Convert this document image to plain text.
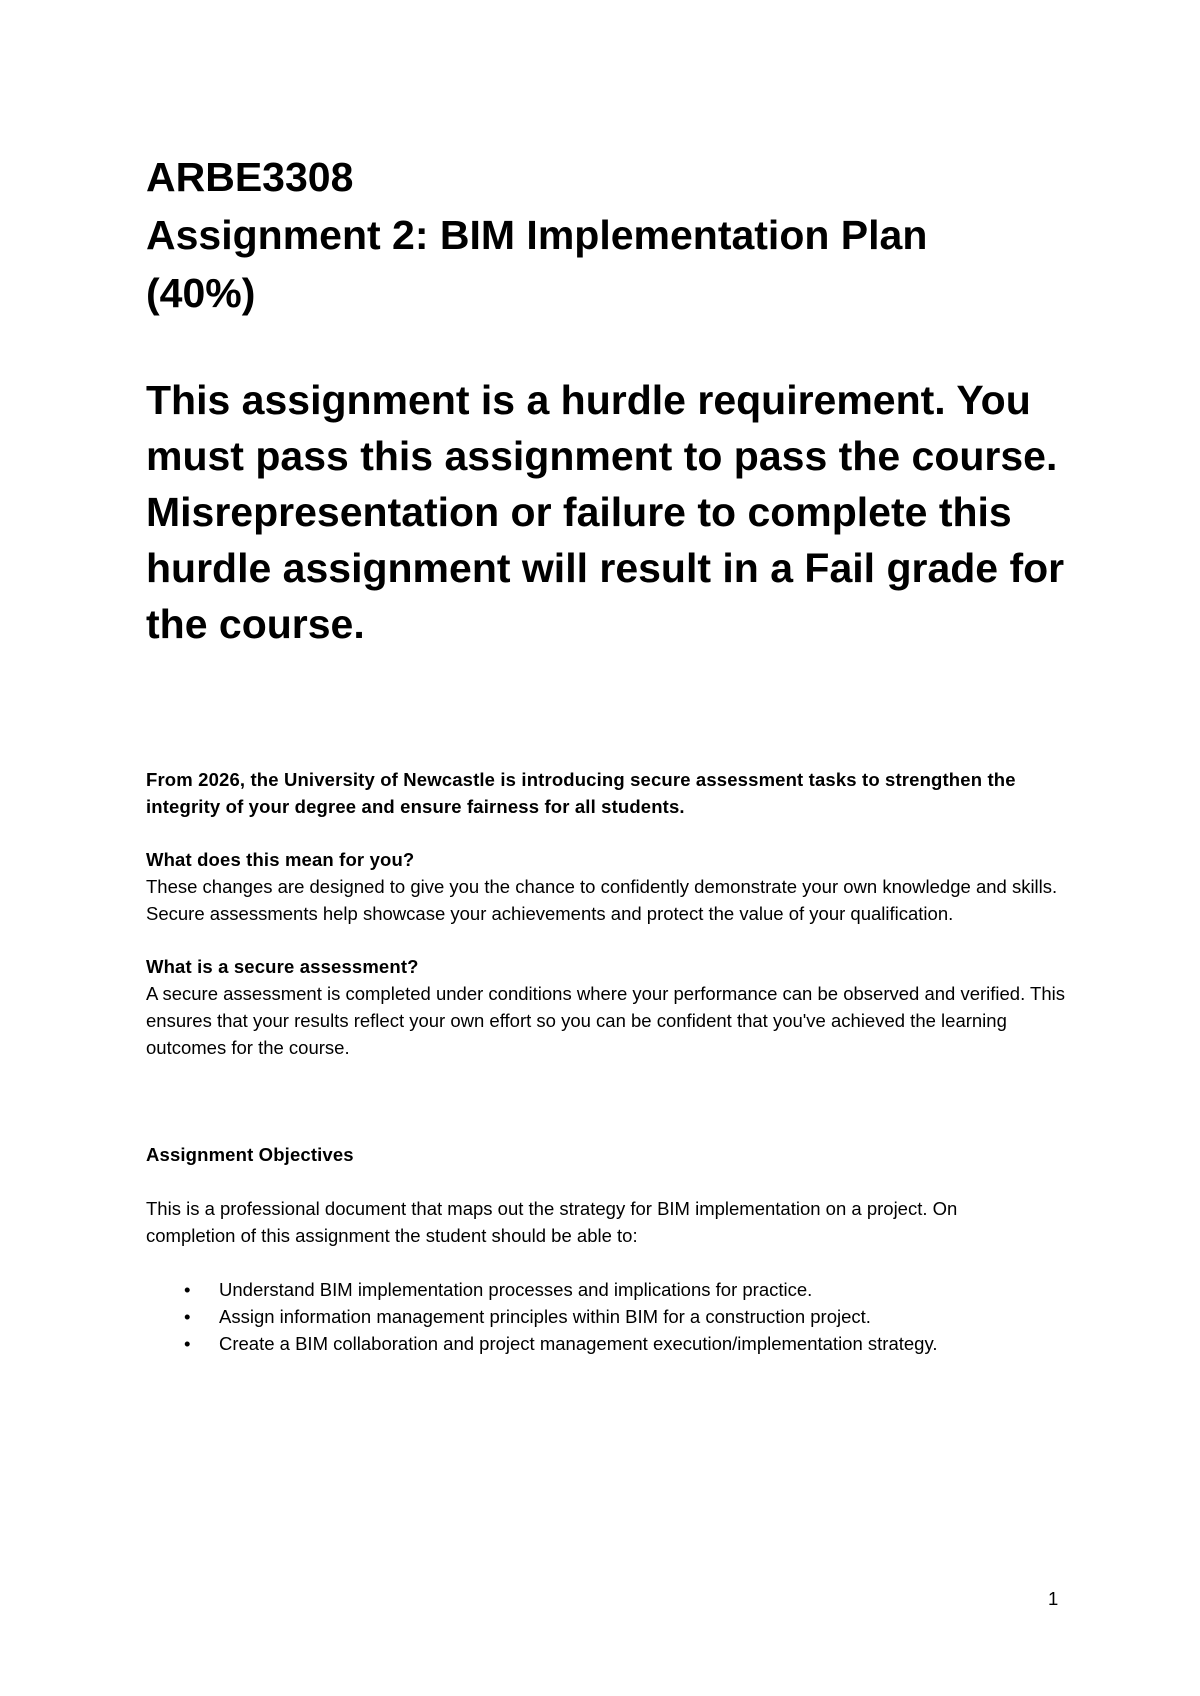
ARBE3308

Assignment 2: BIM Implementation Plan

(40%)

This assignment is a hurdle requirement. You must pass this assignment to pass the course. Misrepresentation or failure to complete this hurdle assignment will result in a Fail grade for the course.

From 2026, the University of Newcastle is introducing secure assessment tasks to strengthen the integrity of your degree and ensure fairness for all students.

What does this mean for you?

These changes are designed to give you the chance to confidently demonstrate your own knowledge and skills. Secure assessments help showcase your achievements and protect the value of your qualification.

What is a secure assessment?

A secure assessment is completed under conditions where your performance can be observed and verified. This ensures that your results reflect your own effort so you can be confident that you've achieved the learning outcomes for the course.

Assignment Objectives

This is a professional document that maps out the strategy for BIM implementation on a project. On completion of this assignment the student should be able to:

• Understand BIM implementation processes and implications for practice.
• Assign information management principles within BIM for a construction project.
• Create a BIM collaboration and project management execution/implementation strategy.
1
